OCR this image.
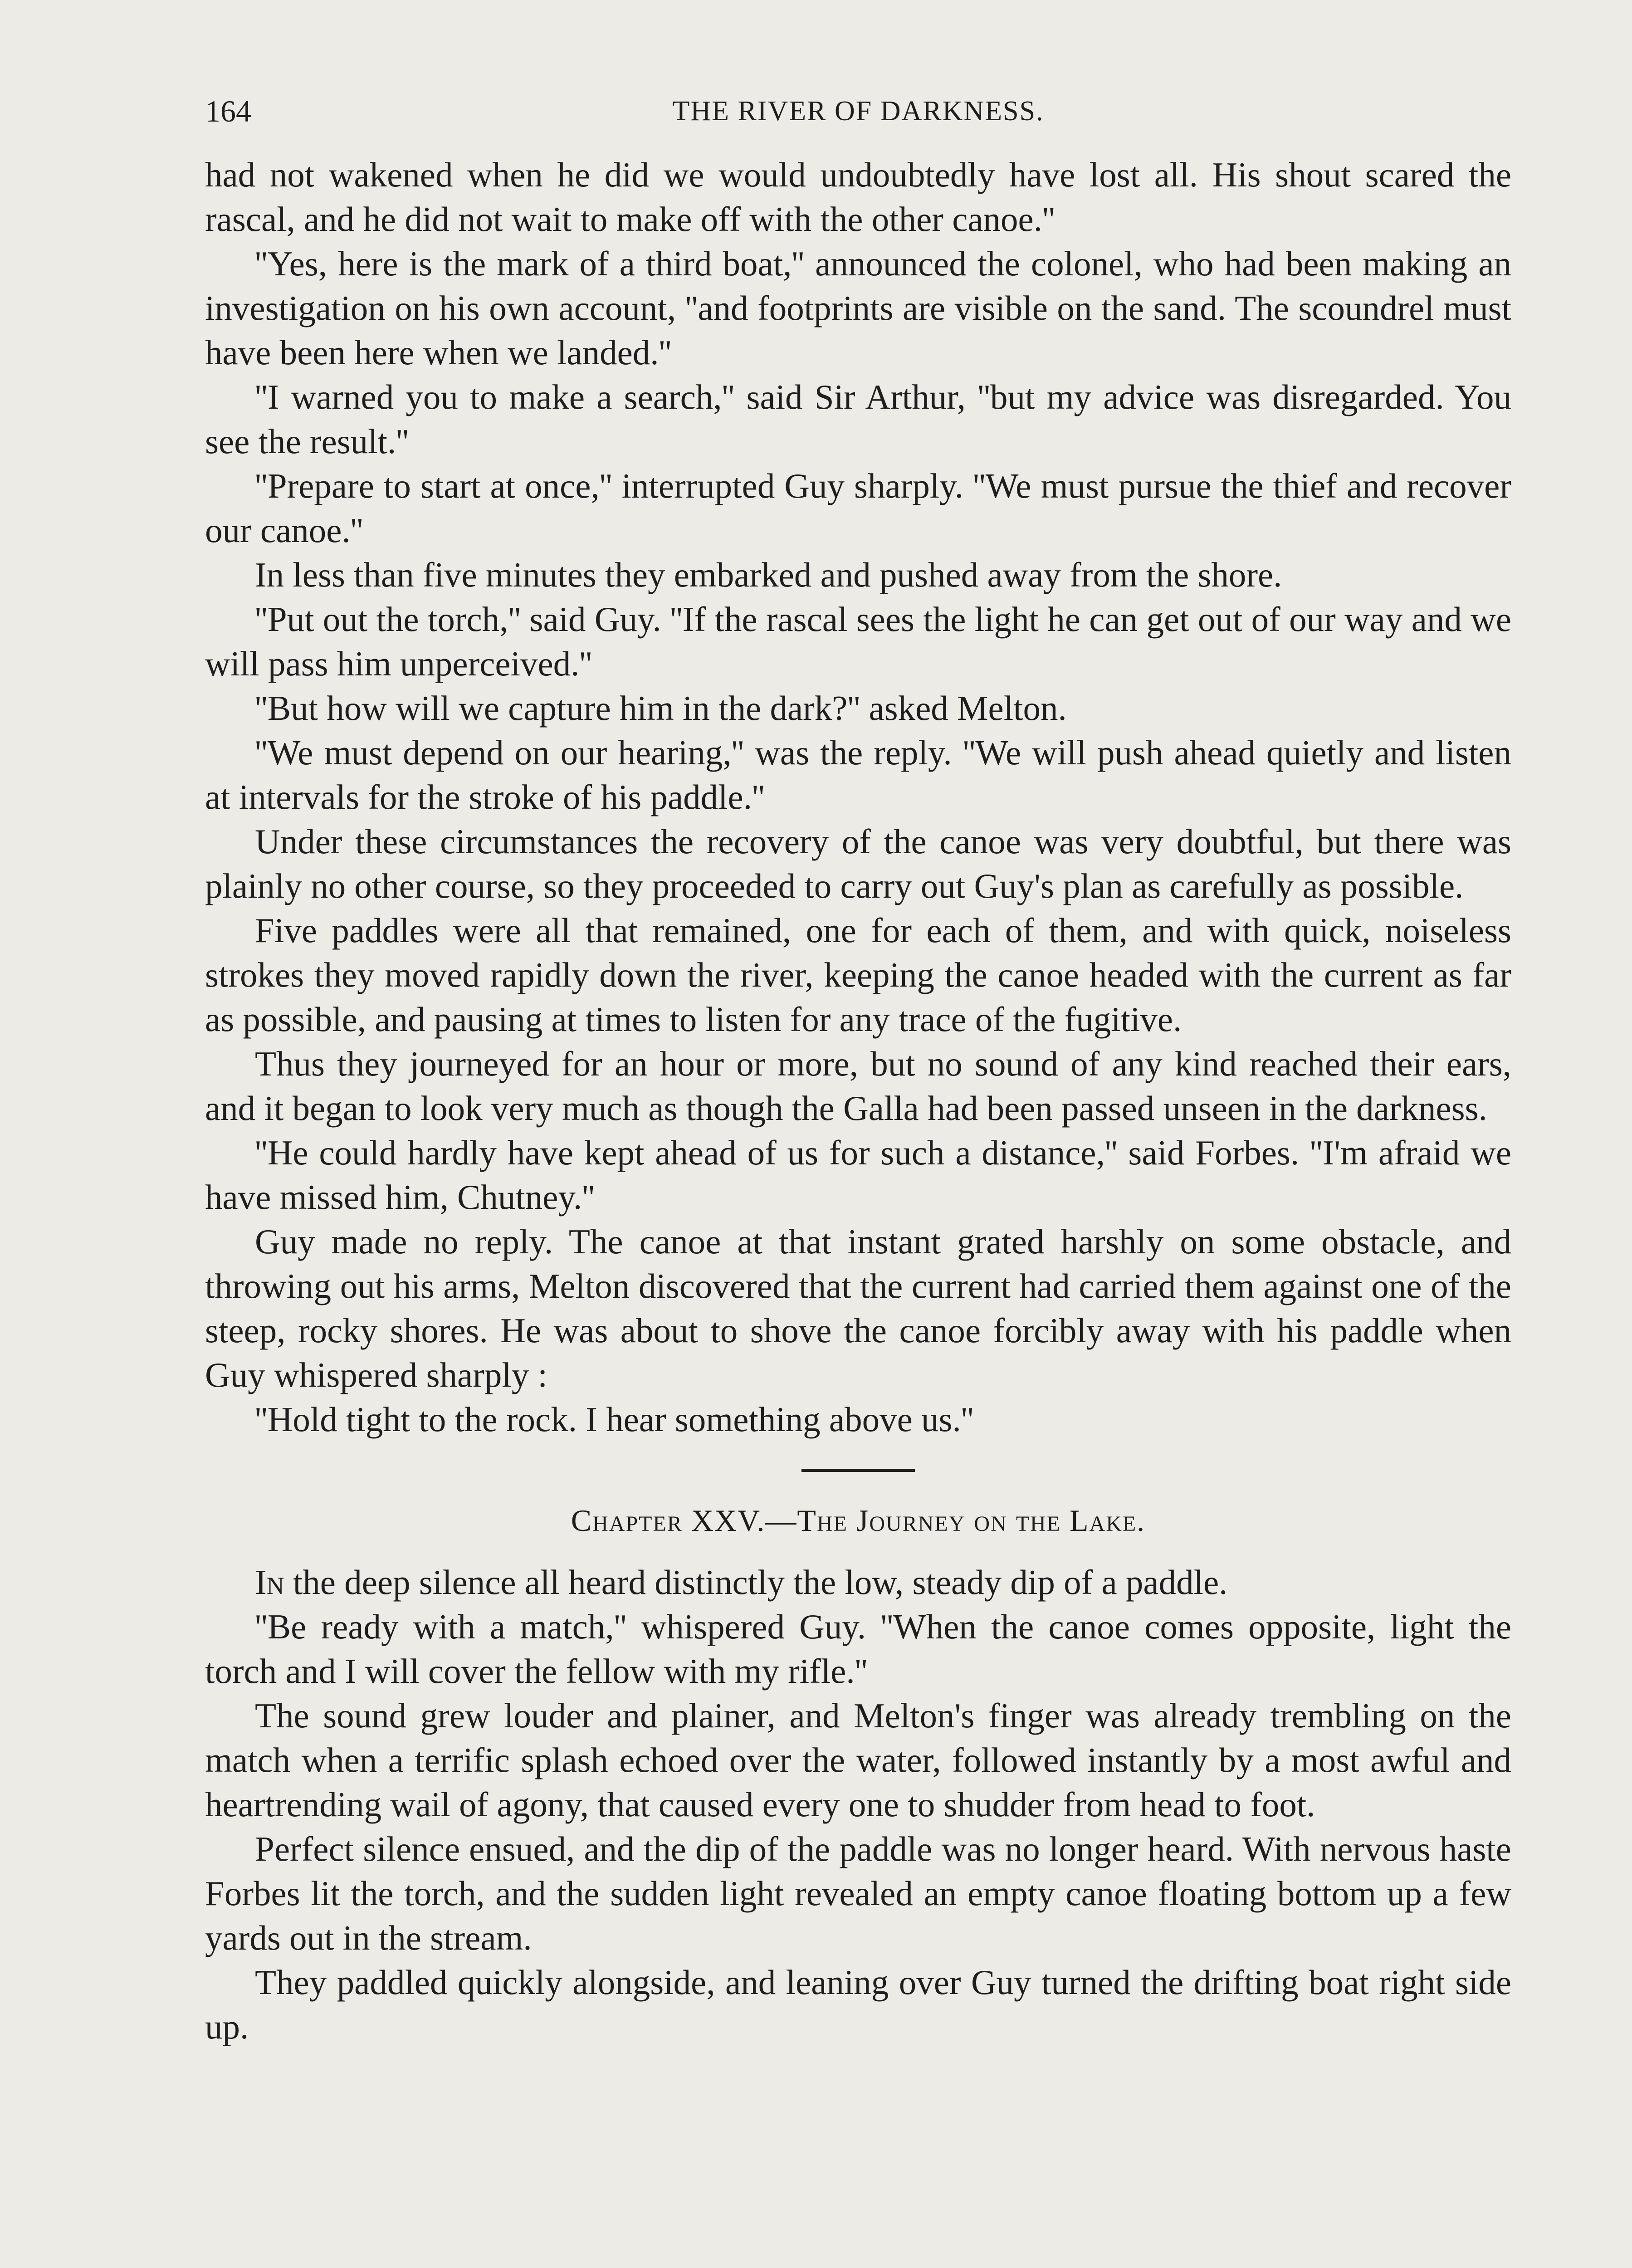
164	THE RIVER OF DARKNESS.

had not wakened when he did we would undoubtedly have lost all. His shout scared the rascal, and he did not wait to make off with the other canoe.''

''Yes, here is the mark of a third boat,'' announced the colonel, who had been making an investigation on his own account, ''and footprints are visible on the sand. The scoundrel must have been here when we landed.''

''I warned you to make a search,'' said Sir Arthur, ''but my advice was disregarded. You see the result.''

''Prepare to start at once,'' interrupted Guy sharply. ''We must pursue the thief and recover our canoe.''

In less than five minutes they embarked and pushed away from the shore.

''Put out the torch,'' said Guy. ''If the rascal sees the light he can get out of our way and we will pass him unperceived.''

''But how will we capture him in the dark?'' asked Melton.

''We must depend on our hearing,'' was the reply. ''We will push ahead quietly and listen at intervals for the stroke of his paddle.''

Under these circumstances the recovery of the canoe was very doubtful, but there was plainly no other course, so they proceeded to carry out Guy's plan as carefully as possible.

Five paddles were all that remained, one for each of them, and with quick, noiseless strokes they moved rapidly down the river, keeping the canoe headed with the current as far as possible, and pausing at times to listen for any trace of the fugitive.

Thus they journeyed for an hour or more, but no sound of any kind reached their ears, and it began to look very much as though the Galla had been passed unseen in the darkness.

''He could hardly have kept ahead of us for such a distance,'' said Forbes. ''I'm afraid we have missed him, Chutney.''

Guy made no reply. The canoe at that instant grated harshly on some obstacle, and throwing out his arms, Melton discovered that the current had carried them against one of the steep, rocky shores. He was about to shove the canoe forcibly away with his paddle when Guy whispered sharply :

''Hold tight to the rock. I hear something above us.''

Chapter XXV.—The Journey on the Lake.

In the deep silence all heard distinctly the low, steady dip of a paddle.

''Be ready with a match,'' whispered Guy. ''When the canoe comes opposite, light the torch and I will cover the fellow with my rifle.''

The sound grew louder and plainer, and Melton's finger was already trembling on the match when a terrific splash echoed over the water, followed instantly by a most awful and heartrending wail of agony, that caused every one to shudder from head to foot.

Perfect silence ensued, and the dip of the paddle was no longer heard. With nervous haste Forbes lit the torch, and the sudden light revealed an empty canoe floating bottom up a few yards out in the stream.

They paddled quickly alongside, and leaning over Guy turned the drifting boat right side up.
